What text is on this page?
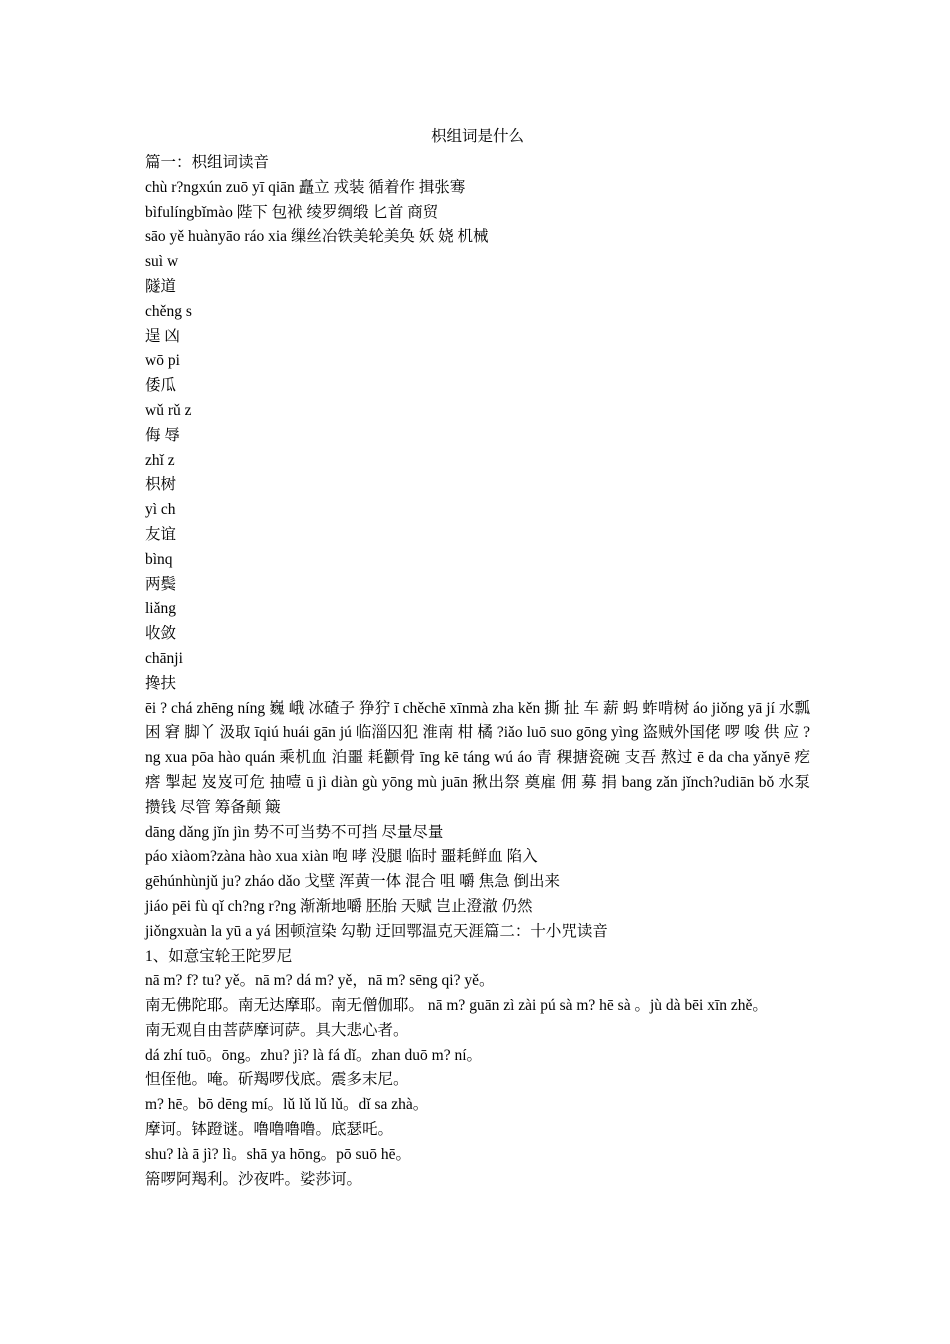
枳组词是什么

篇一：枳组词读音

chù r?ngxún zuō yī qiān 矗立 戎装 循着作 揖张骞

bìfulíngbǐmào 陛下 包袱 绫罗绸缎 匕首 商贸

sāo yě huànyāo ráo xia 缫丝冶铁美轮美奂 妖 娆 机械

suì w

隧道

chěng s

逞 凶

wō pi

倭瓜

wǔ rǔ z

侮 辱

zhǐ z

枳树

yì ch

友谊

bìnq

两鬓

liǎng

收敛

chānji

搀扶

ēi ? chá zhēng níng 巍 峨 冰碴子 狰狞 ī chěchē xīnmà zha kěn 撕 扯 车 薪 蚂 蚱啃树 áo jiǒng yā jí 水瓢 困 窘 脚丫 汲取 īqiú huái gān jú 临淄囚犯 淮南 柑 橘 ?iǎo luō suo gōng yìng 盗贼外国佬 啰 唆 供 应 ?ng xua pōa hào quán 乘机血 泊噩 耗颧骨 īng kē táng wú áo 青 稞搪瓷碗 支吾 熬过 ē da cha yǎnyē 疙 瘩 掣起 岌岌可危 抽噎 ū jì diàn gù yōng mù juān 揪出祭 奠雇 佣 募 捐 bang zǎn jǐnch?udiān bǒ 水泵 攒钱 尽管 筹备颠 簸

dāng dǎng jǐn jìn 势不可当势不可挡 尽量尽量

páo xiàom?zàna hào xua xiàn 咆 哮 没腿 临时 噩耗鲜血 陷入

gēhúnhùnjǔ ju? zháo dǎo 戈壁 浑黄一体 混合 咀 嚼 焦急 倒出来

jiáo pēi fù qǐ ch?ng r?ng 渐渐地嚼 胚胎 天赋 岂止澄澈 仍然

jiǒngxuàn la yū a yá 困顿渲染 勾勒 迂回鄂温克天涯篇二：十小咒读音

1、如意宝轮王陀罗尼

nā m? f? tu? yě。nā m? dá m? yě，nā m? sēng qi? yě。

南无佛陀耶。南无达摩耶。南无僧伽耶。 nā m? guān zì zài pú sà m? hē sà 。jù dà bēi xīn zhě。

南无观自由菩萨摩诃萨。具大悲心者。

dá zhí tuō。ōng。zhu? jì? là fá dǐ。zhan duō m? ní。

怛侄他。唵。斫羯啰伐底。震多末尼。

m? hē。bō dēng mí。lǔ lǔ lǔ lǔ。dǐ sa zhà。

摩诃。钵蹬谜。噜噜噜噜。底瑟吒。

shu? là ā jì? lì。shā ya hōng。pō suō hē。

篅啰阿羯利。沙夜吽。娑莎诃。
